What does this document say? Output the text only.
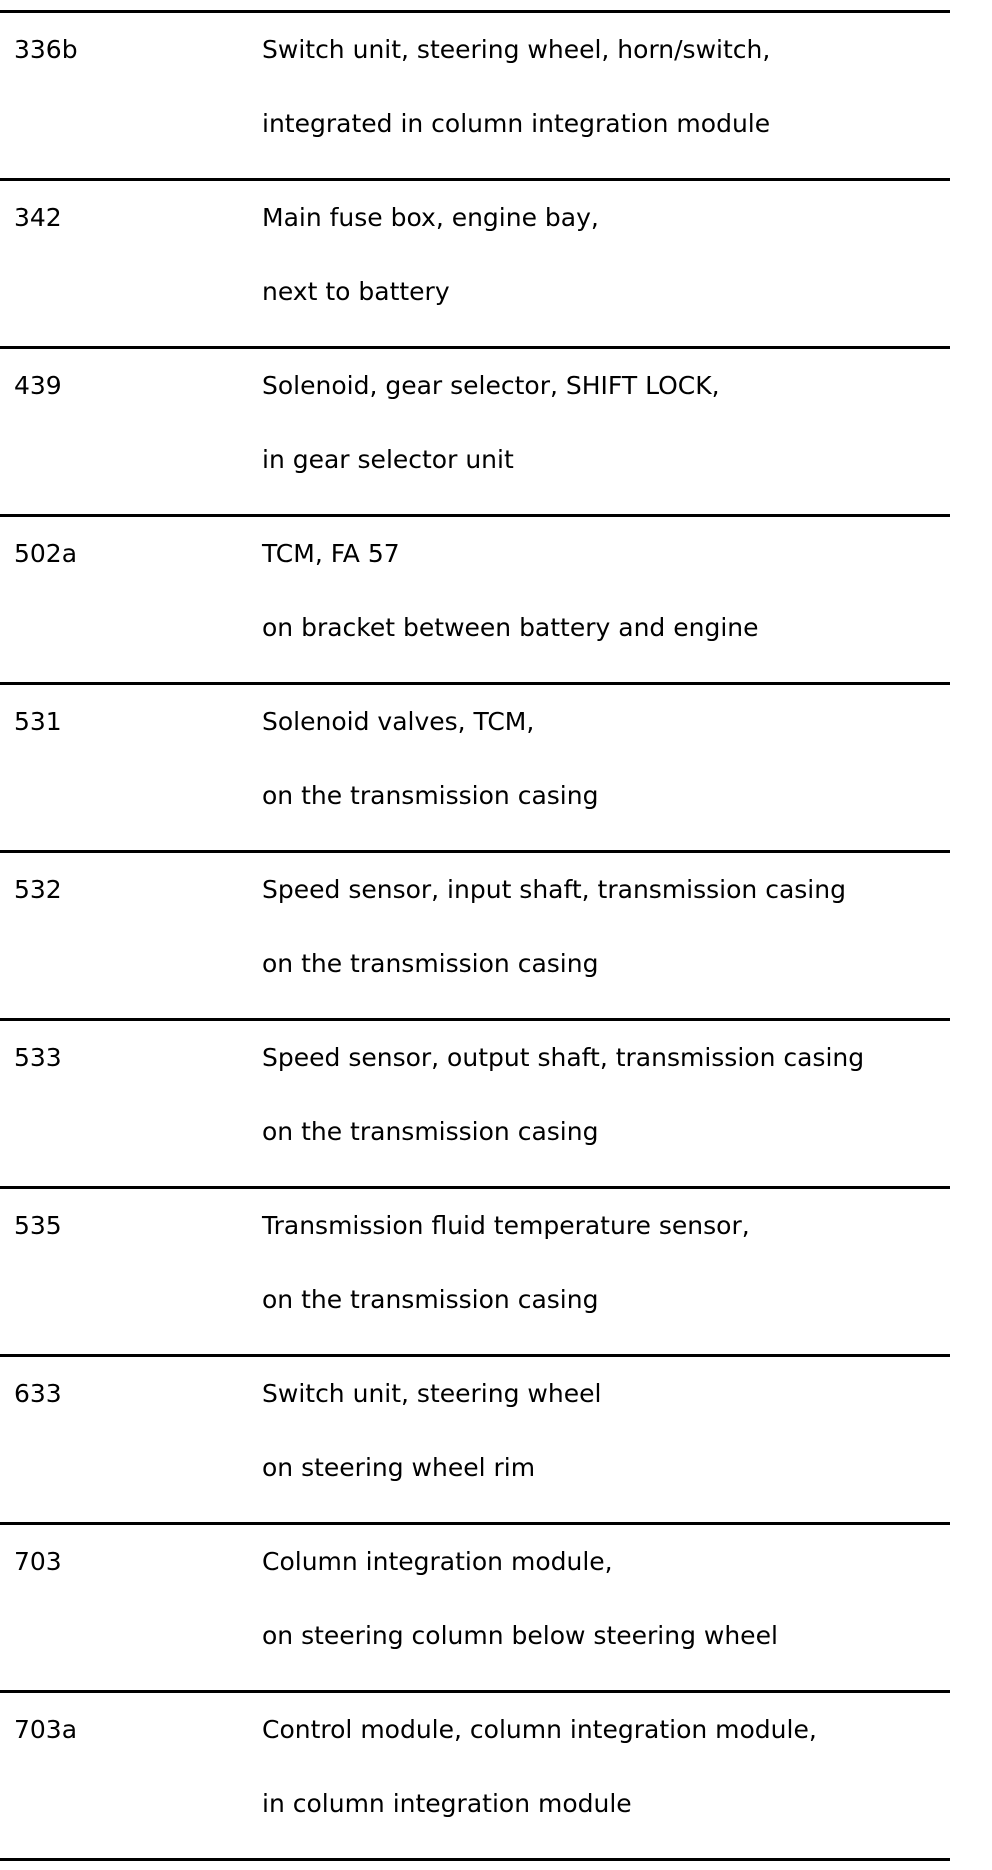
336b	Switch unit, steering wheel, horn/switch,
integrated in column integration module
342	Main fuse box, engine bay,
next to battery
439	Solenoid, gear selector, SHIFT LOCK,
in gear selector unit
502a	TCM, FA 57
on bracket between battery and engine
531	Solenoid valves, TCM,
on the transmission casing
532	Speed sensor, input shaft, transmission casing
on the transmission casing
533	Speed sensor, output shaft, transmission casing
on the transmission casing
535	Transmission fluid temperature sensor,
on the transmission casing
633	Switch unit, steering wheel
on steering wheel rim
703	Column integration module,
on steering column below steering wheel
703a	Control module, column integration module,
in column integration module
